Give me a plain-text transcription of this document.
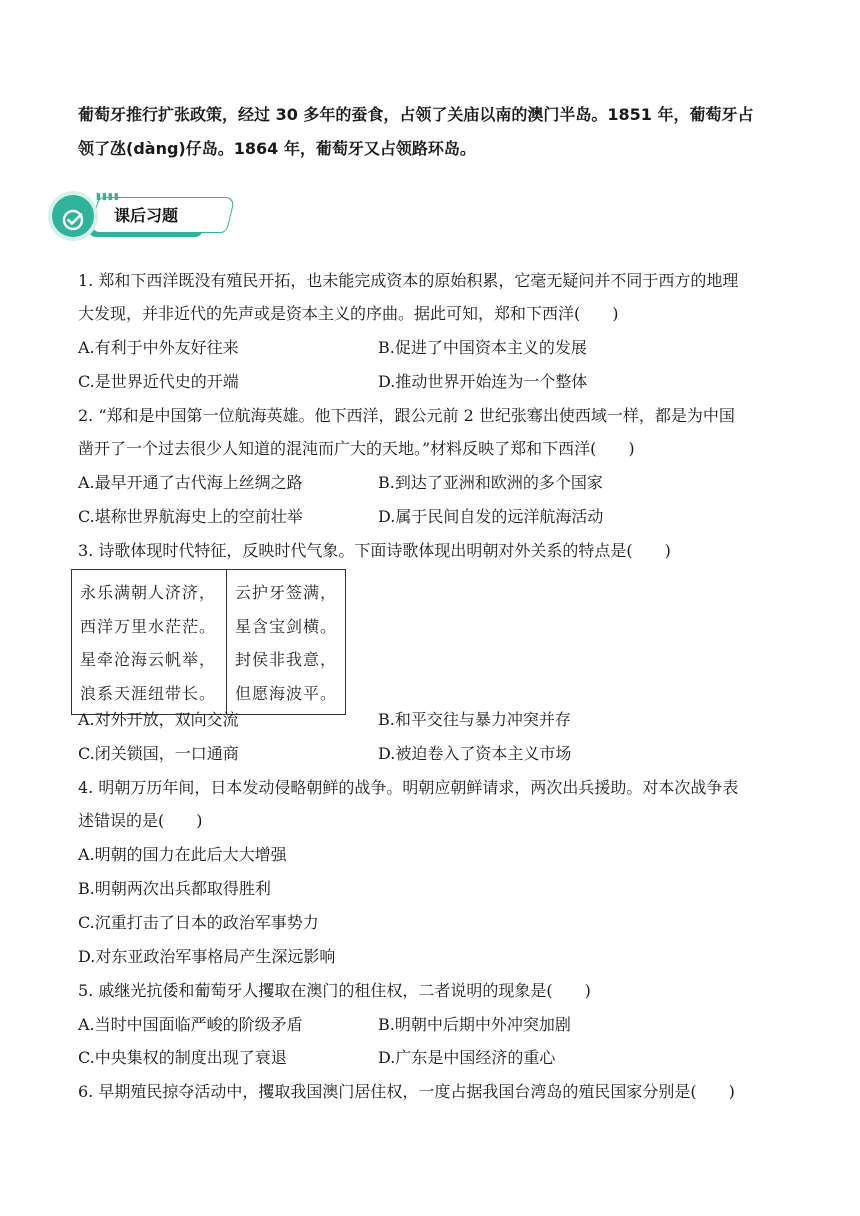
葡萄牙推行扩张政策，经过 30 多年的蚕食，占领了关庙以南的澳门半岛。1851 年，葡萄牙占
领了氹(dàng)仔岛。1864 年，葡萄牙又占领路环岛。
▮▮▮▮
课后习题
1. 郑和下西洋既没有殖民开拓，也未能完成资本的原始积累，它毫无疑问并不同于西方的地理
大发现，并非近代的先声或是资本主义的序曲。据此可知，郑和下西洋(　　)
A.有利于中外友好往来	B.促进了中国资本主义的发展
C.是世界近代史的开端	D.推动世界开始连为一个整体
2. “郑和是中国第一位航海英雄。他下西洋，跟公元前 2 世纪张骞出使西域一样，都是为中国
凿开了一个过去很少人知道的混沌而广大的天地。”材料反映了郑和下西洋(　　)
A.最早开通了古代海上丝绸之路	B.到达了亚洲和欧洲的多个国家
C.堪称世界航海史上的空前壮举	D.属于民间自发的远洋航海活动
3. 诗歌体现时代特征，反映时代气象。下面诗歌体现出明朝对外关系的特点是(　　)
永乐满朝人济济，
西洋万里水茫茫。
星牵沧海云帆举，
浪系天涯纽带长。

云护牙签满，
星含宝剑横。
封侯非我意，
但愿海波平。
A.对外开放，双向交流	B.和平交往与暴力冲突并存
C.闭关锁国，一口通商	D.被迫卷入了资本主义市场
4. 明朝万历年间，日本发动侵略朝鲜的战争。明朝应朝鲜请求，两次出兵援助。对本次战争表
述错误的是(　　)
A.明朝的国力在此后大大增强
B.明朝两次出兵都取得胜利
C.沉重打击了日本的政治军事势力
D.对东亚政治军事格局产生深远影响
5. 戚继光抗倭和葡萄牙人攫取在澳门的租住权，二者说明的现象是(　　)
A.当时中国面临严峻的阶级矛盾	B.明朝中后期中外冲突加剧
C.中央集权的制度出现了衰退	D.广东是中国经济的重心
6. 早期殖民掠夺活动中，攫取我国澳门居住权，一度占据我国台湾岛的殖民国家分别是(　　)
